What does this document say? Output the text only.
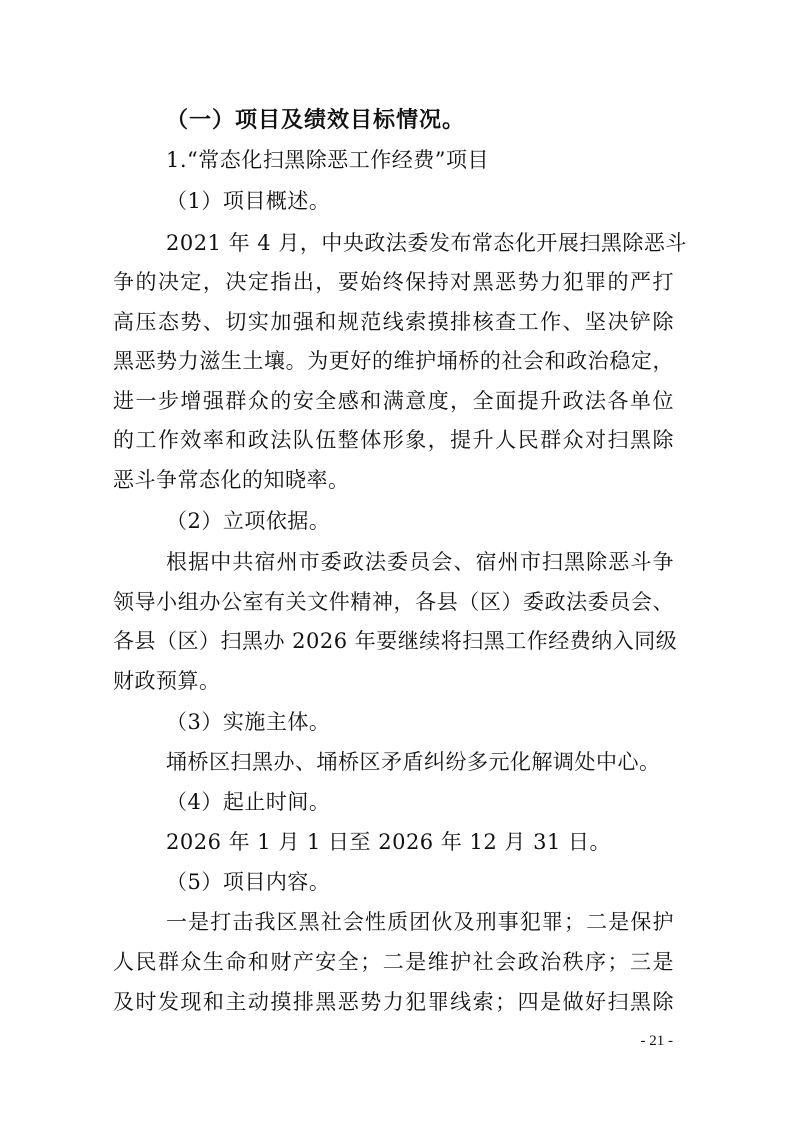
（一）项目及绩效目标情况。
1.“常态化扫黑除恶工作经费”项目
（1）项目概述。
2021 年 4 月，中央政法委发布常态化开展扫黑除恶斗
争的决定，决定指出，要始终保持对黑恶势力犯罪的严打
高压态势、切实加强和规范线索摸排核查工作、坚决铲除
黑恶势力滋生土壤。为更好的维护埇桥的社会和政治稳定，
进一步增强群众的安全感和满意度，全面提升政法各单位
的工作效率和政法队伍整体形象，提升人民群众对扫黑除
恶斗争常态化的知晓率。
（2）立项依据。
根据中共宿州市委政法委员会、宿州市扫黑除恶斗争
领导小组办公室有关文件精神，各县（区）委政法委员会、
各县（区）扫黑办 2026 年要继续将扫黑工作经费纳入同级
财政预算。
（3）实施主体。
埇桥区扫黑办、埇桥区矛盾纠纷多元化解调处中心。
（4）起止时间。
2026 年 1 月 1 日至 2026 年 12 月 31 日。
（5）项目内容。
一是打击我区黑社会性质团伙及刑事犯罪；二是保护
人民群众生命和财产安全；二是维护社会政治秩序；三是
及时发现和主动摸排黑恶势力犯罪线索；四是做好扫黑除
- 21 -
